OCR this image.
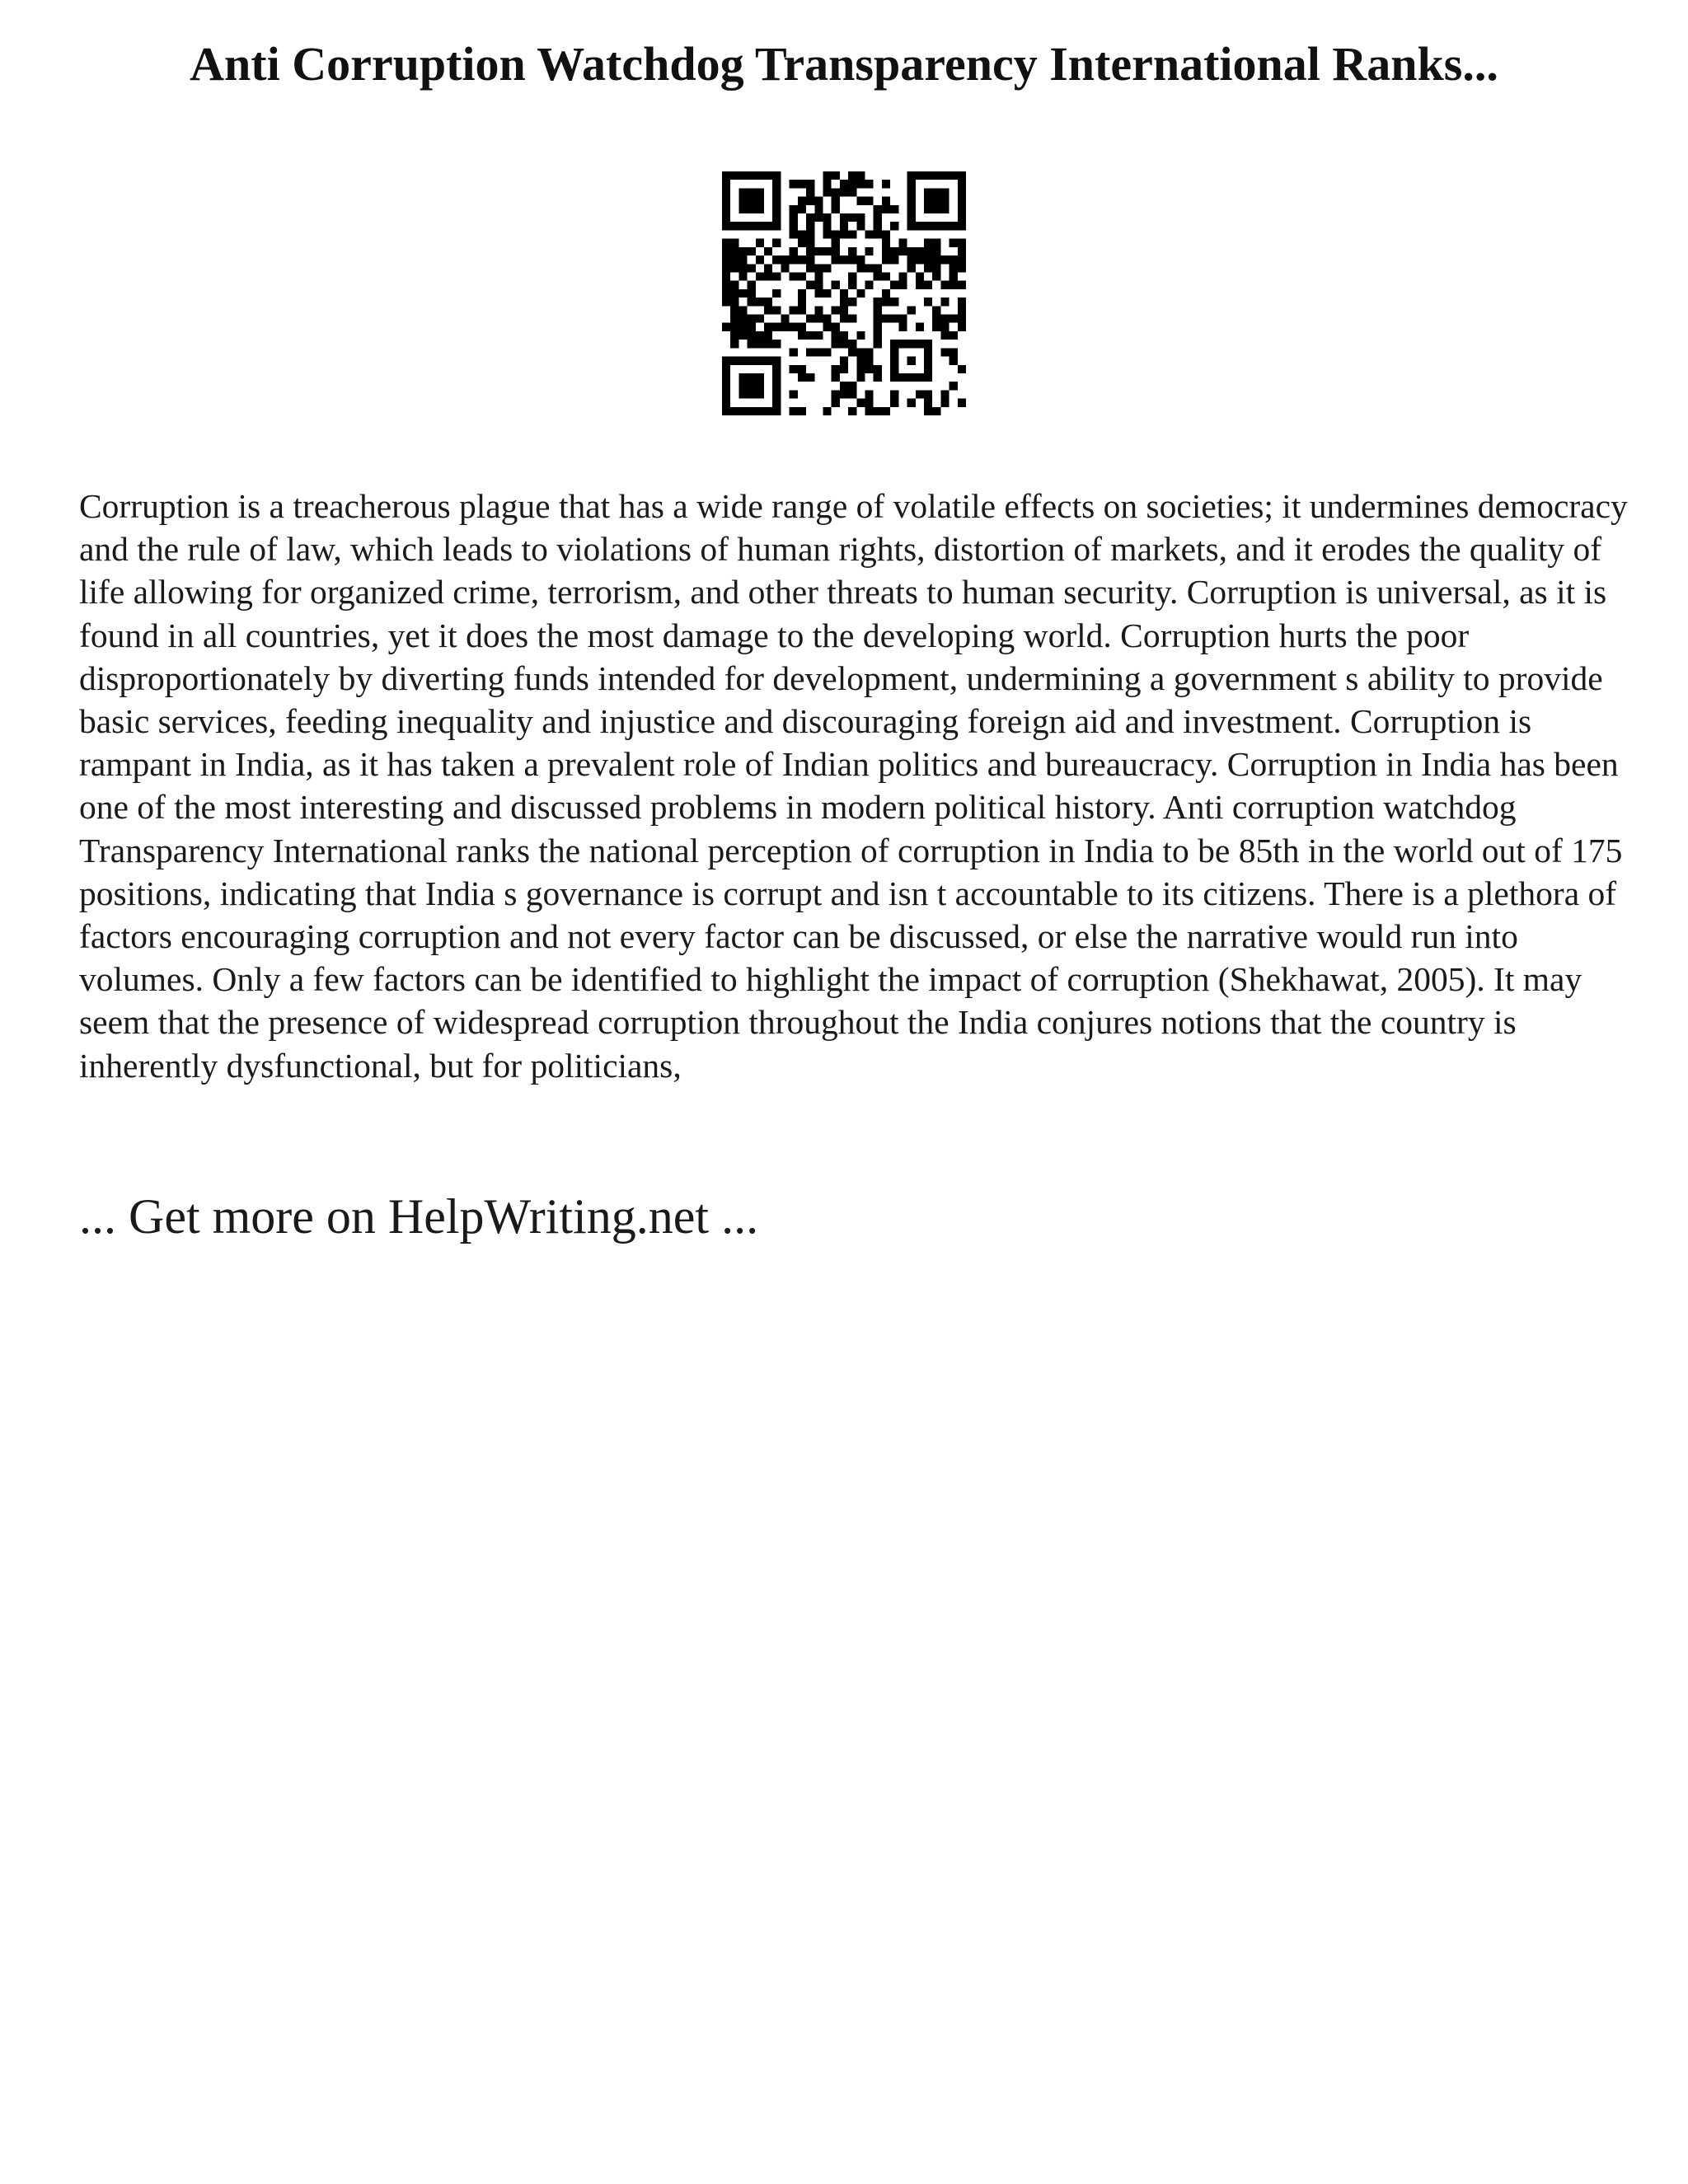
Anti Corruption Watchdog Transparency International Ranks...

Corruption is a treacherous plague that has a wide range of volatile effects on societies; it undermines democracy and the rule of law, which leads to violations of human rights, distortion of markets, and it erodes the quality of life allowing for organized crime, terrorism, and other threats to human security. Corruption is universal, as it is found in all countries, yet it does the most damage to the developing world. Corruption hurts the poor disproportionately by diverting funds intended for development, undermining a government s ability to provide basic services, feeding inequality and injustice and discouraging foreign aid and investment. Corruption is rampant in India, as it has taken a prevalent role of Indian politics and bureaucracy. Corruption in India has been one of the most interesting and discussed problems in modern political history. Anti corruption watchdog Transparency International ranks the national perception of corruption in India to be 85th in the world out of 175 positions, indicating that India s governance is corrupt and isn t accountable to its citizens. There is a plethora of factors encouraging corruption and not every factor can be discussed, or else the narrative would run into volumes. Only a few factors can be identified to highlight the impact of corruption (Shekhawat, 2005). It may seem that the presence of widespread corruption throughout the India conjures notions that the country is inherently dysfunctional, but for politicians,

... Get more on HelpWriting.net ...
